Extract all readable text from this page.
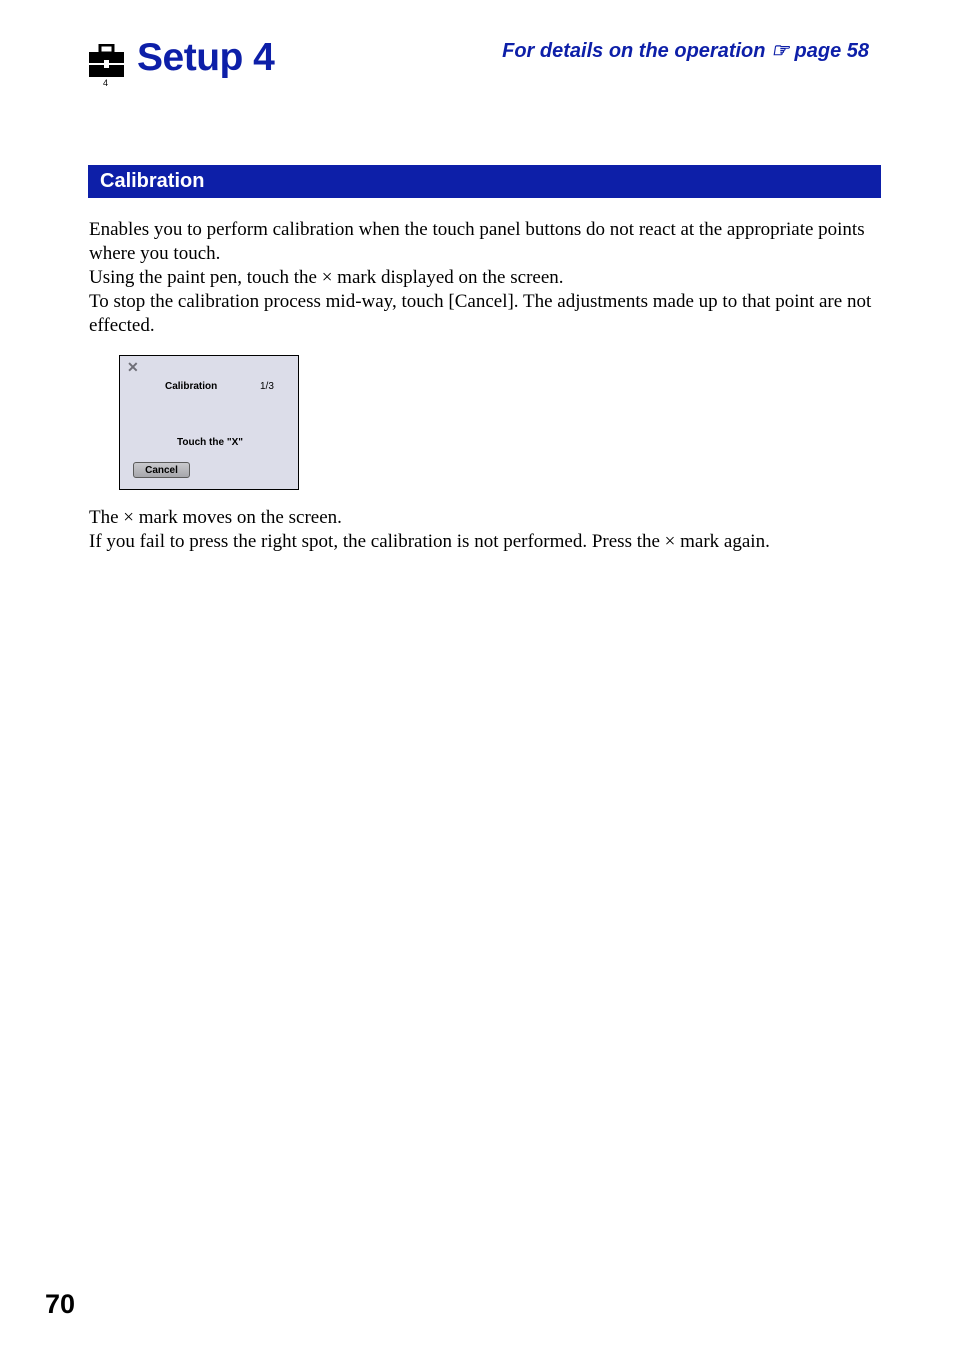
4
Setup 4	For details on the operation ☞ page 58
Calibration

Enables you to perform calibration when the touch panel buttons do not react at the appropriate points where you touch.

Using the paint pen, touch the × mark displayed on the screen.

To stop the calibration process mid-way, touch [Cancel]. The adjustments made up to that point are not effected.

✕
Calibration	1/3
Touch the "X"
Cancel

The × mark moves on the screen.

If you fail to press the right spot, the calibration is not performed. Press the × mark again.

70
